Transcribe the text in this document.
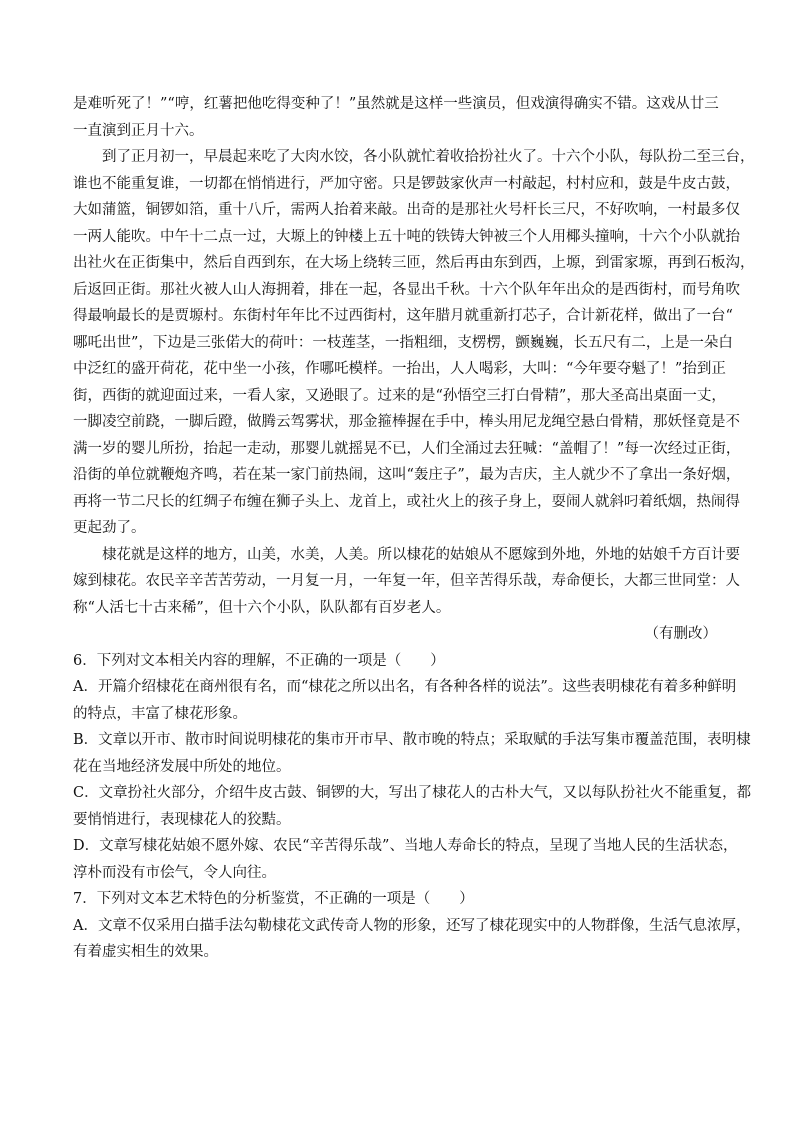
是难听死了！”“哼，红薯把他吃得变种了！”虽然就是这样一些演员，但戏演得确实不错。这戏从廿三
一直演到正月十六。
到了正月初一，早晨起来吃了大肉水饺，各小队就忙着收拾扮社火了。十六个小队，每队扮二至三台，
谁也不能重复谁，一切都在悄悄进行，严加守密。只是锣鼓家伙声一村敲起，村村应和，鼓是牛皮古鼓，
大如蒲篮，铜锣如箔，重十八斤，需两人抬着来敲。出奇的是那社火号杆长三尺，不好吹响，一村最多仅
一两人能吹。中午十二点一过，大塬上的钟楼上五十吨的铁铸大钟被三个人用椰头撞响，十六个小队就抬
出社火在正街集中，然后自西到东，在大场上绕转三匝，然后再由东到西，上塬，到雷家塬，再到石板沟，
后返回正街。那社火被人山人海拥着，排在一起，各显出千秋。十六个队年年出众的是西街村，而号角吹
得最响最长的是贾塬村。东街村年年比不过西街村，这年腊月就重新打芯子，合计新花样，做出了一台“
哪吒出世”，下边是三张偌大的荷叶：一枝莲茎，一指粗细，支楞楞，颤巍巍，长五尺有二，上是一朵白
中泛红的盛开荷花，花中坐一小孩，作哪吒模样。一抬出，人人喝彩，大叫：“今年要夺魁了！”抬到正
街，西街的就迎面过来，一看人家，又逊眼了。过来的是“孙悟空三打白骨精”，那大圣高出桌面一丈，
一脚凌空前跷，一脚后蹬，做腾云驾雾状，那金箍棒握在手中，棒头用尼龙绳空悬白骨精，那妖怪竟是不
满一岁的婴儿所扮，抬起一走动，那婴儿就摇晃不已，人们全涌过去狂喊：“盖帽了！”每一次经过正街，
沿街的单位就鞭炮齐鸣，若在某一家门前热闹，这叫“轰庄子”，最为吉庆，主人就少不了拿出一条好烟，
再将一节二尺长的红绸子布缠在狮子头上、龙首上，或社火上的孩子身上，耍闹人就斜叼着纸烟，热闹得
更起劲了。
棣花就是这样的地方，山美，水美，人美。所以棣花的姑娘从不愿嫁到外地，外地的姑娘千方百计要
嫁到棣花。农民辛辛苦苦劳动，一月复一月，一年复一年，但辛苦得乐哉，寿命便长，大都三世同堂：人
称“人活七十古来稀”，但十六个小队，队队都有百岁老人。
（有删改）
6．下列对文本相关内容的理解，不正确的一项是（　　）
A．开篇介绍棣花在商州很有名，而“棣花之所以出名，有各种各样的说法”。这些表明棣花有着多种鲜明
的特点，丰富了棣花形象。
B．文章以开市、散市时间说明棣花的集市开市早、散市晚的特点；采取赋的手法写集市覆盖范围，表明棣
花在当地经济发展中所处的地位。
C．文章扮社火部分，介绍牛皮古鼓、铜锣的大，写出了棣花人的古朴大气，又以每队扮社火不能重复，都
要悄悄进行，表现棣花人的狡黠。
D．文章写棣花姑娘不愿外嫁、农民“辛苦得乐哉”、当地人寿命长的特点，呈现了当地人民的生活状态，
淳朴而没有市侩气，令人向往。
7．下列对文本艺术特色的分析鉴赏，不正确的一项是（　　）
A．文章不仅采用白描手法勾勒棣花文武传奇人物的形象，还写了棣花现实中的人物群像，生活气息浓厚，
有着虚实相生的效果。
